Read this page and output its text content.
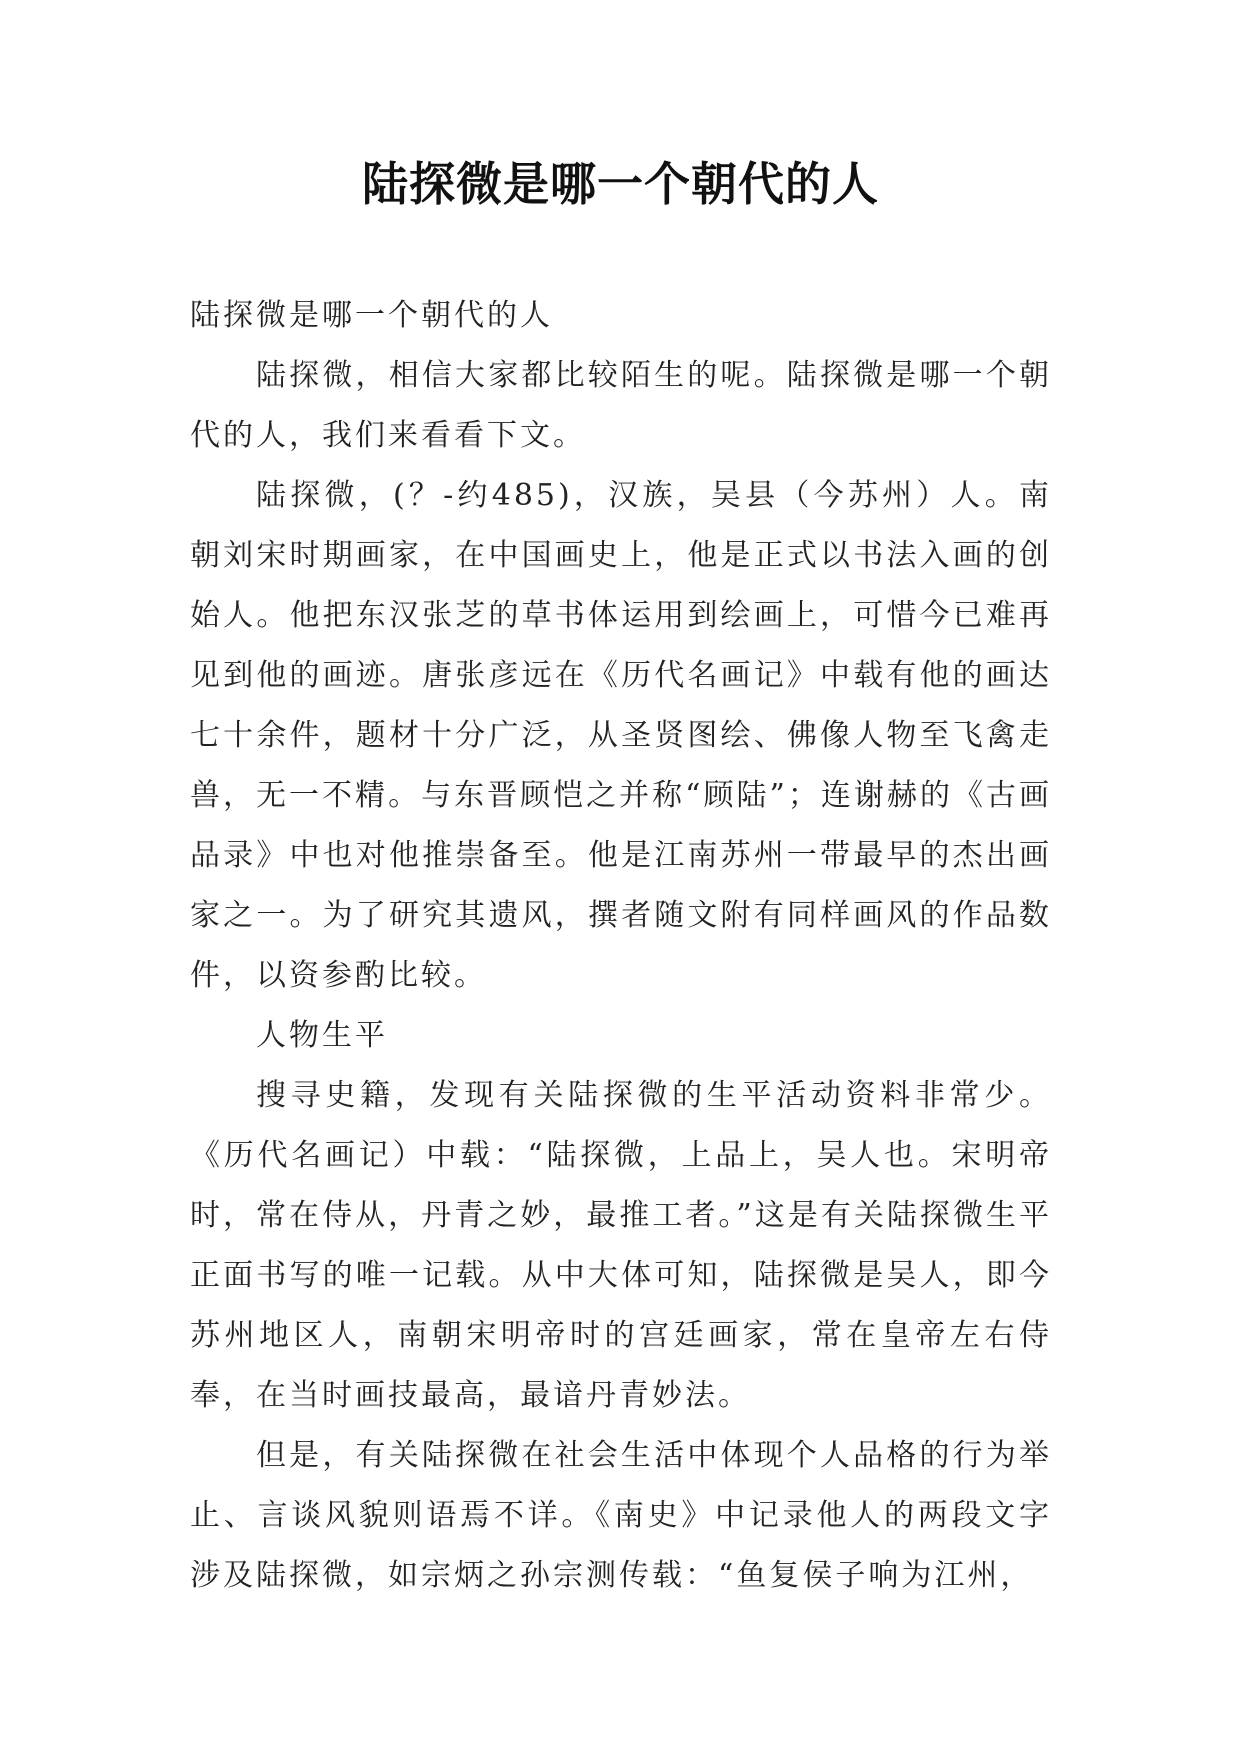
陆探微是哪一个朝代的人

陆探微是哪一个朝代的人

陆探微，相信大家都比较陌生的呢。陆探微是哪一个朝代的人，我们来看看下文。

陆探微，(？-约485)，汉族，吴县（今苏州）人。南朝刘宋时期画家，在中国画史上，他是正式以书法入画的创始人。他把东汉张芝的草书体运用到绘画上，可惜今已难再见到他的画迹。唐张彦远在《历代名画记》中载有他的画达七十余件，题材十分广泛，从圣贤图绘、佛像人物至飞禽走兽，无一不精。与东晋顾恺之并称“顾陆”；连谢赫的《古画品录》中也对他推崇备至。他是江南苏州一带最早的杰出画家之一。为了研究其遗风，撰者随文附有同样画风的作品数件，以资参酌比较。

人物生平

搜寻史籍，发现有关陆探微的生平活动资料非常少。《历代名画记）中载：“陆探微，上品上，吴人也。宋明帝时，常在侍从，丹青之妙，最推工者。”这是有关陆探微生平正面书写的唯一记载。从中大体可知，陆探微是吴人，即今苏州地区人，南朝宋明帝时的宫廷画家，常在皇帝左右侍奉，在当时画技最高，最谙丹青妙法。

但是，有关陆探微在社会生活中体现个人品格的行为举止、言谈风貌则语焉不详。《南史》中记录他人的两段文字涉及陆探微，如宗炳之孙宗测传载：“鱼复侯子响为江州，
